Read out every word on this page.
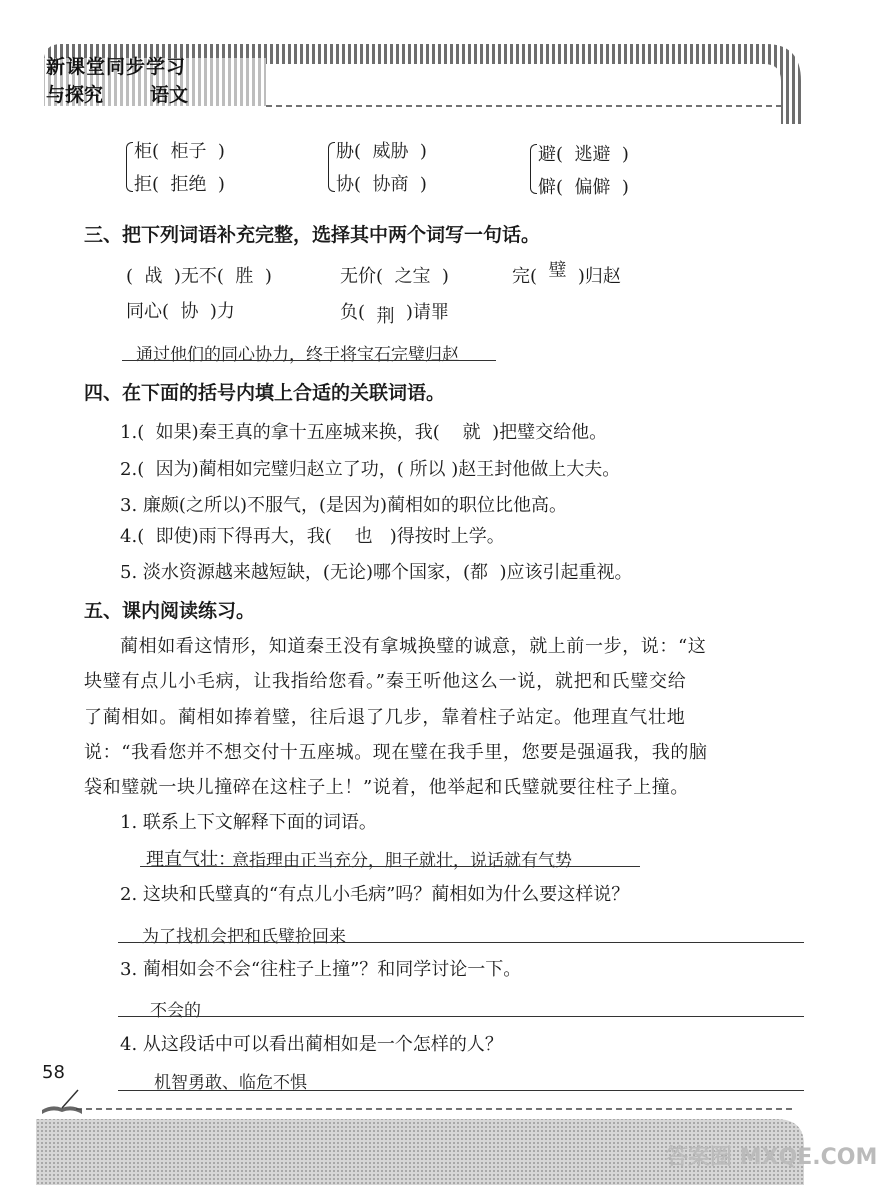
新课堂同步学习
与探究 语文
柜(  柜子  )
拒(  拒绝  )
胁(  威胁  )
协(  协商  )
避(  逃避  )
僻(  偏僻  )
三、把下列词语补充完整，选择其中两个词写一句话。
(  战  )无不(  胜  )	无价(  之宝  )	完(  璧  )归赵
同心(  协  )力	负(  荆  )请罪
通过他们的同心协力，终于将宝石完璧归赵
四、在下面的括号内填上合适的关联词语。
1.( 如果)秦王真的拿十五座城来换，我( 就 )把璧交给他。
2.( 因为)蔺相如完璧归赵立了功，( 所以 )赵王封他做上大夫。
3. 廉颇(之所以)不服气，(是因为)蔺相如的职位比他高。
4.( 即使)雨下得再大，我( 也 )得按时上学。
5. 淡水资源越来越短缺，(无论)哪个国家，(都 )应该引起重视。
五、课内阅读练习。
蔺相如看这情形，知道秦王没有拿城换璧的诚意，就上前一步，说：“这
块璧有点儿小毛病，让我指给您看。”秦王听他这么一说，就把和氏璧交给
了蔺相如。蔺相如捧着璧，往后退了几步，靠着柱子站定。他理直气壮地
说：“我看您并不想交付十五座城。现在璧在我手里，您要是强逼我，我的脑
袋和璧就一块儿撞碎在这柱子上！”说着，他举起和氏璧就要往柱子上撞。
1. 联系上下文解释下面的词语。
理直气壮：
意指理由正当充分，胆子就壮，说话就有气势
2. 这块和氏璧真的“有点儿小毛病”吗？蔺相如为什么要这样说？
为了找机会把和氏璧抢回来
3. 蔺相如会不会“往柱子上撞”？和同学讨论一下。
不会的
4. 从这段话中可以看出蔺相如是一个怎样的人？
机智勇敢、临危不惧
58
答案圈 MXQE.COM
